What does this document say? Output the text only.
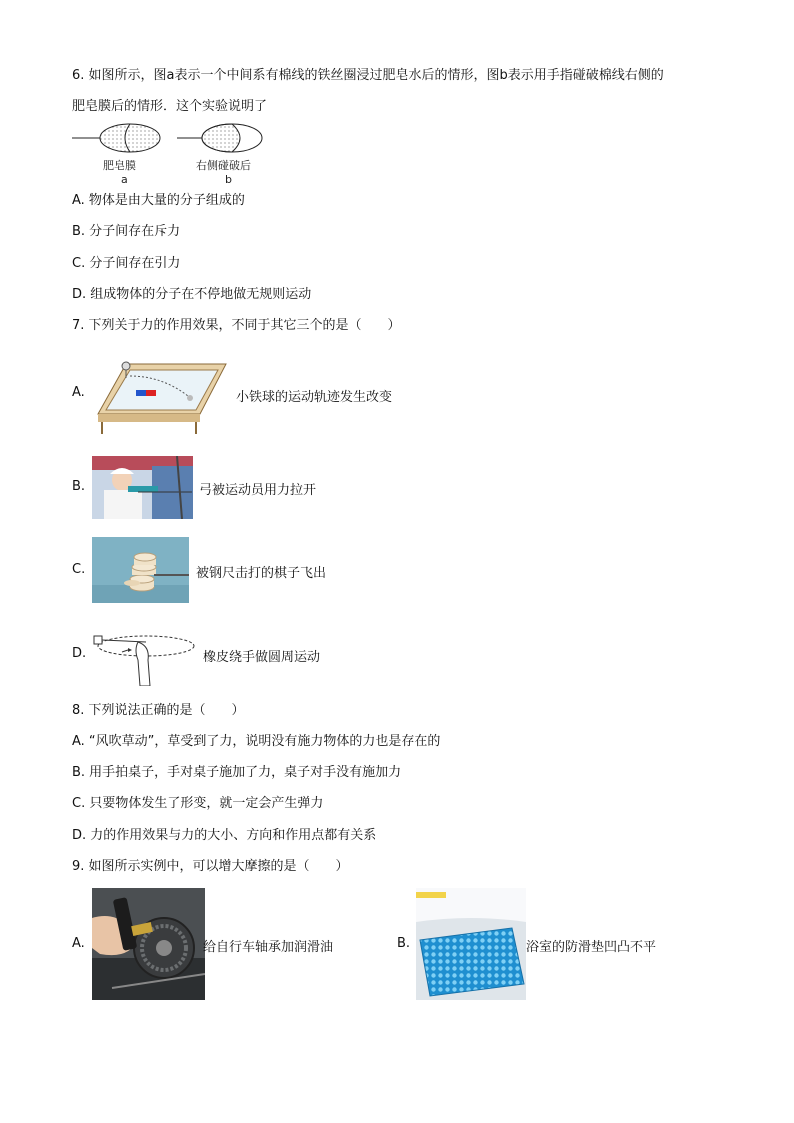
6. 如图所示，图a表示一个中间系有棉线的铁丝圈浸过肥皂水后的情形，图b表示用手指碰破棉线右侧的
肥皂膜后的情形．这个实验说明了
肥皂膜
a
右侧碰破后
b
A. 物体是由大量的分子组成的
B. 分子间存在斥力
C. 分子间存在引力
D. 组成物体的分子在不停地做无规则运动
7. 下列关于力的作用效果，不同于其它三个的是（　　）
A.	小铁球的运动轨迹发生改变
B.	弓被运动员用力拉开
C.	被钢尺击打的棋子飞出
D.	橡皮绕手做圆周运动
8. 下列说法正确的是（　　）
A. “风吹草动”，草受到了力，说明没有施力物体的力也是存在的
B. 用手拍桌子，手对桌子施加了力，桌子对手没有施加力
C. 只要物体发生了形变，就一定会产生弹力
D. 力的作用效果与力的大小、方向和作用点都有关系
9. 如图所示实例中，可以增大摩擦的是（　　）
A.	给自行车轴承加润滑油	B.	浴室的防滑垫凹凸不平
